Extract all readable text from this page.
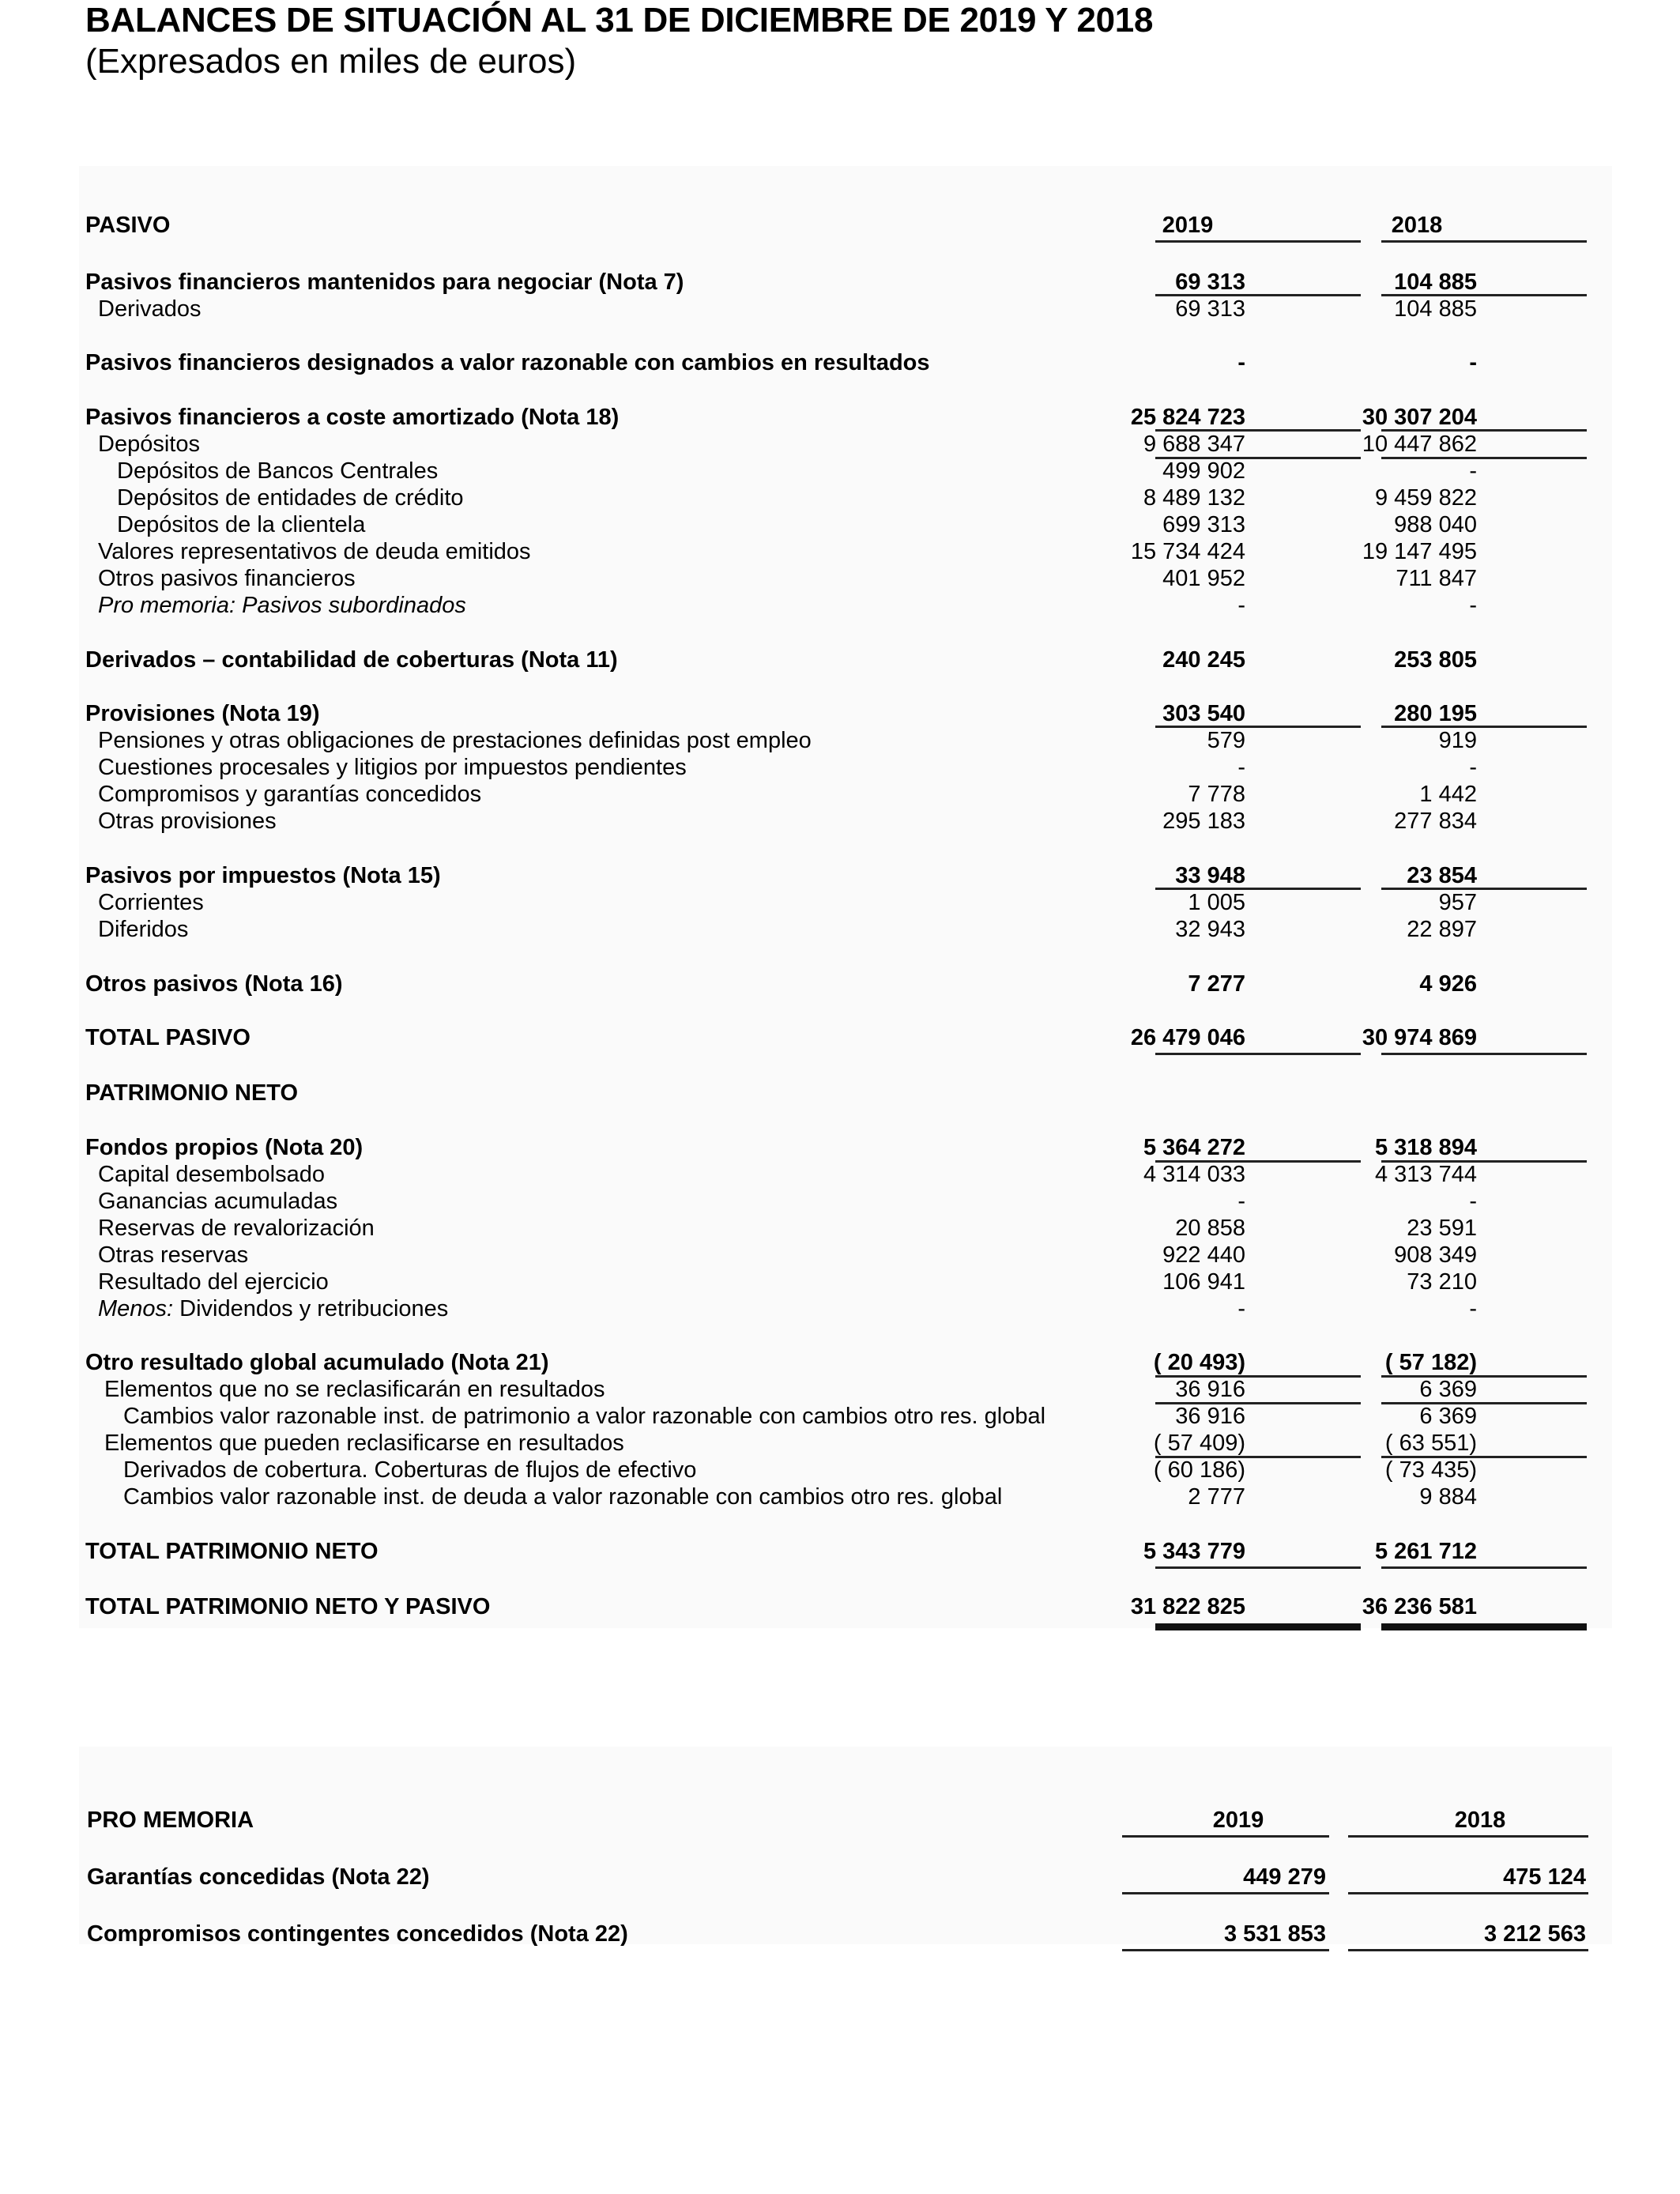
BALANCES DE SITUACIÓN AL 31 DE DICIEMBRE DE 2019 Y 2018
(Expresados en miles de euros)
PASIVO	2019	2018
Pasivos financieros mantenidos para negociar (Nota 7)	69 313	104 885
Derivados	69 313	104 885
Pasivos financieros designados a valor razonable con cambios en resultados	-	-
Pasivos financieros a coste amortizado (Nota 18)	25 824 723	30 307 204
Depósitos	9 688 347	10 447 862
Depósitos de Bancos Centrales	499 902	-
Depósitos de entidades de crédito	8 489 132	9 459 822
Depósitos de la clientela	699 313	988 040
Valores representativos de deuda emitidos	15 734 424	19 147 495
Otros pasivos financieros	401 952	711 847
Pro memoria: Pasivos subordinados	-	-
Derivados – contabilidad de coberturas (Nota 11)	240 245	253 805
Provisiones (Nota 19)	303 540	280 195
Pensiones y otras obligaciones de prestaciones definidas post empleo	579	919
Cuestiones procesales y litigios por impuestos pendientes	-	-
Compromisos y garantías concedidos	7 778	1 442
Otras provisiones	295 183	277 834
Pasivos por impuestos (Nota 15)	33 948	23 854
Corrientes	1 005	957
Diferidos	32 943	22 897
Otros pasivos (Nota 16)	7 277	4 926
TOTAL PASIVO	26 479 046	30 974 869
PATRIMONIO NETO
Fondos propios (Nota 20)	5 364 272	5 318 894
Capital desembolsado	4 314 033	4 313 744
Ganancias acumuladas	-	-
Reservas de revalorización	20 858	23 591
Otras reservas	922 440	908 349
Resultado del ejercicio	106 941	73 210
Menos: Dividendos y retribuciones	-	-
Otro resultado global acumulado (Nota 21)	( 20 493)	( 57 182)
Elementos que no se reclasificarán en resultados	36 916	6 369
Cambios valor razonable inst. de patrimonio a valor razonable con cambios otro res. global	36 916	6 369
Elementos que pueden reclasificarse en resultados	( 57 409)	( 63 551)
Derivados de cobertura. Coberturas de flujos de efectivo	( 60 186)	( 73 435)
Cambios valor razonable inst. de deuda a valor razonable con cambios otro res. global	2 777	9 884
TOTAL PATRIMONIO NETO	5 343 779	5 261 712
TOTAL PATRIMONIO NETO Y PASIVO	31 822 825	36 236 581
PRO MEMORIA	2019	2018
Garantías concedidas (Nota 22)	449 279	475 124
Compromisos contingentes concedidos (Nota 22)	3 531 853	3 212 563
